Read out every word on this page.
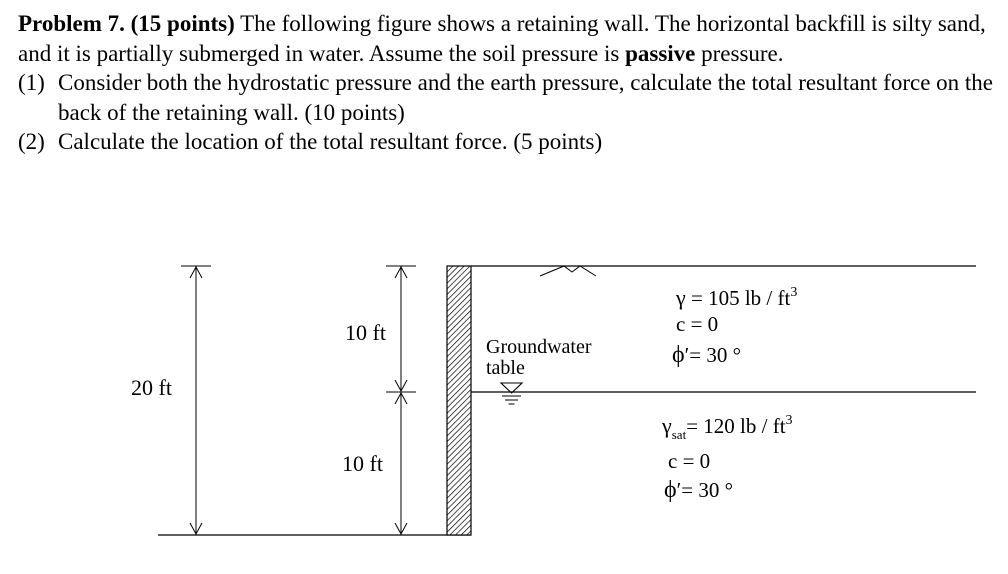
Problem 7. (15 points) The following figure shows a retaining wall. The horizontal backfill is silty sand, and it is partially submerged in water. Assume the soil pressure is passive pressure.

(1) Consider both the hydrostatic pressure and the earth pressure, calculate the total resultant force on the back of the retaining wall. (10 points)
(2) Calculate the location of the total resultant force. (5 points)
20 ft
10 ft
10 ft
Groundwater
table
γ = 105 lb / $ft^3$
c = 0
ϕ′= 30 °
$\gamma_{sat}= 120$ lb / $ft^3$
c = 0
ϕ′= 30 °
